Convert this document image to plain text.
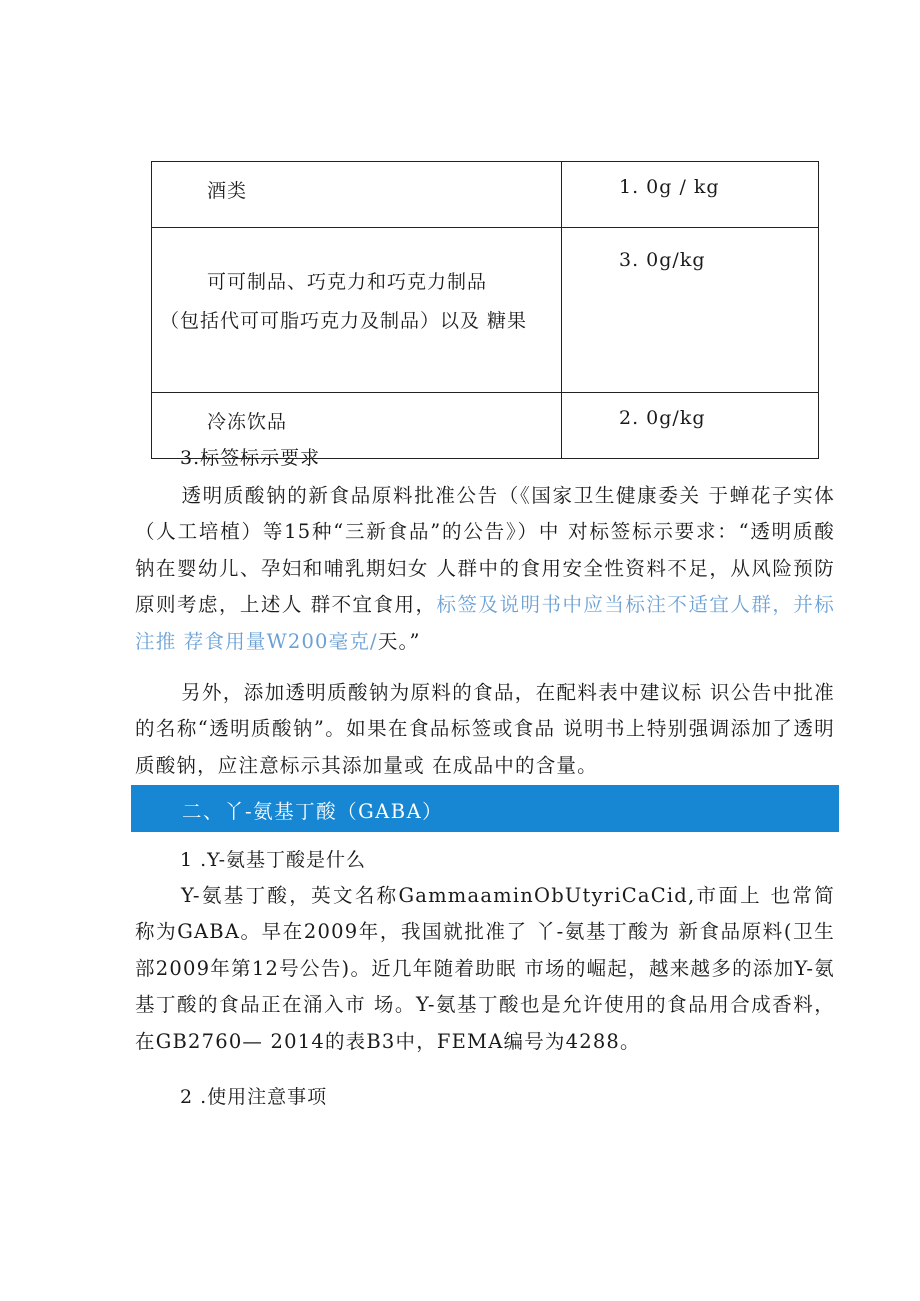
酒类	1. 0g / kg

可可制品、巧克力和巧克力制品
（包括代可可脂巧克力及制品）以及 糖果	3. 0g/kg
冷冻饮品	2. 0g/kg
3.标签标示要求

透明质酸钠的新食品原料批准公告（《国家卫生健康委关 于蝉花子实体（人工培植）等15种“三新食品”的公告》）中 对标签标示要求：“透明质酸钠在婴幼儿、孕妇和哺乳期妇女 人群中的食用安全性资料不足，从风险预防原则考虑，上述人 群不宜食用，标签及说明书中应当标注不适宜人群，并标注推 荐食用量W200毫克/天。”

另外，添加透明质酸钠为原料的食品，在配料表中建议标 识公告中批准的名称“透明质酸钠”。如果在食品标签或食品 说明书上特别强调添加了透明质酸钠，应注意标示其添加量或 在成品中的含量。

二、丫-氨基丁酸（GABA）
1 .Y-氨基丁酸是什么

Y-氨基丁酸，英文名称GammaaminObUtyriCaCid,市面上 也常简称为GABA。早在2009年，我国就批准了 丫-氨基丁酸为 新食品原料(卫生部2009年第12号公告)。近几年随着助眠 市场的崛起，越来越多的添加Y-氨基丁酸的食品正在涌入市 场。Y-氨基丁酸也是允许使用的食品用合成香料，在GB2760— 2014的表B3中，FEMA编号为4288。

2 .使用注意事项
